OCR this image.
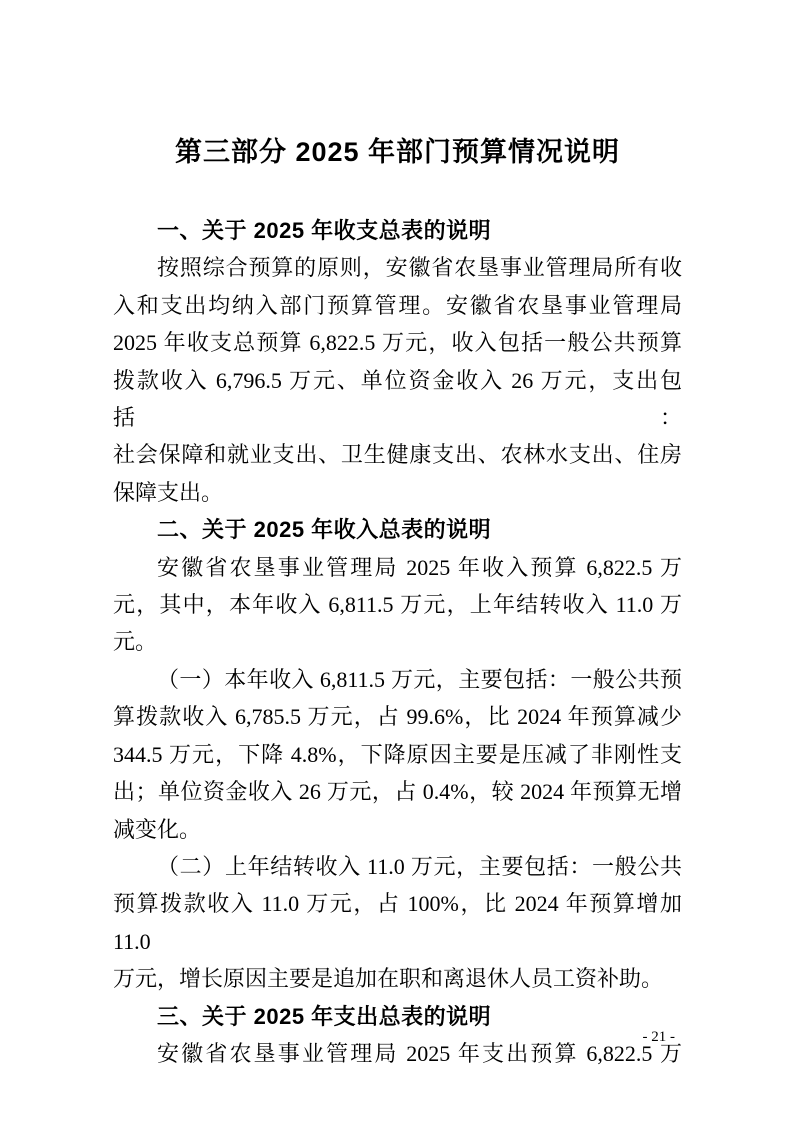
第三部分 2025 年部门预算情况说明
一、关于 2025 年收支总表的说明
按照综合预算的原则，安徽省农垦事业管理局所有收
入和支出均纳入部门预算管理。安徽省农垦事业管理局
2025 年收支总预算 6,822.5 万元，收入包括一般公共预算
拨款收入 6,796.5 万元、单位资金收入 26 万元，支出包括：
社会保障和就业支出、卫生健康支出、农林水支出、住房
保障支出。
二、关于 2025 年收入总表的说明
安徽省农垦事业管理局 2025 年收入预算 6,822.5 万
元，其中，本年收入 6,811.5 万元，上年结转收入 11.0 万
元。
（一）本年收入 6,811.5 万元，主要包括：一般公共预
算拨款收入 6,785.5 万元，占 99.6%，比 2024 年预算减少
344.5 万元，下降 4.8%，下降原因主要是压减了非刚性支
出；单位资金收入 26 万元，占 0.4%，较 2024 年预算无增
减变化。
（二）上年结转收入 11.0 万元，主要包括：一般公共
预算拨款收入 11.0 万元，占 100%，比 2024 年预算增加 11.0
万元，增长原因主要是追加在职和离退休人员工资补助。
三、关于 2025 年支出总表的说明
安徽省农垦事业管理局 2025 年支出预算 6,822.5 万
- 21 -
